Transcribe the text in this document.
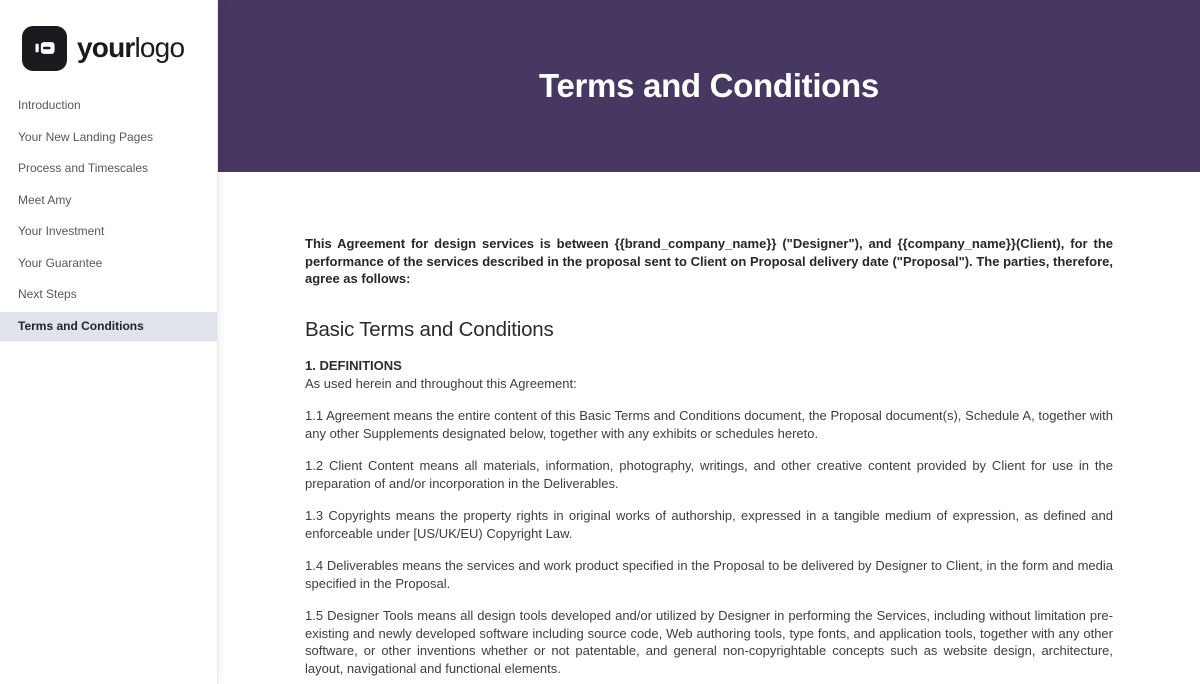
yourlogo
Introduction
Your New Landing Pages
Process and Timescales
Meet Amy
Your Investment
Your Guarantee
Next Steps
Terms and Conditions
Terms and Conditions

This Agreement for design services is between {{brand_company_name}} ("Designer"), and {{company_name}}(Client), for the performance of the services described in the proposal sent to Client on Proposal delivery date ("Proposal"). The parties, therefore, agree as follows:

Basic Terms and Conditions
1. DEFINITIONS

As used herein and throughout this Agreement:

1.1 Agreement means the entire content of this Basic Terms and Conditions document, the Proposal document(s), Schedule A, together with any other Supplements designated below, together with any exhibits or schedules hereto.

1.2 Client Content means all materials, information, photography, writings, and other creative content provided by Client for use in the preparation of and/or incorporation in the Deliverables.

1.3 Copyrights means the property rights in original works of authorship, expressed in a tangible medium of expression, as defined and enforceable under [US/UK/EU) Copyright Law.

1.4 Deliverables means the services and work product specified in the Proposal to be delivered by Designer to Client, in the form and media specified in the Proposal.

1.5 Designer Tools means all design tools developed and/or utilized by Designer in performing the Services, including without limitation pre-existing and newly developed software including source code, Web authoring tools, type fonts, and application tools, together with any other software, or other inventions whether or not patentable, and general non-copyrightable concepts such as website design, architecture, layout, navigational and functional elements.
